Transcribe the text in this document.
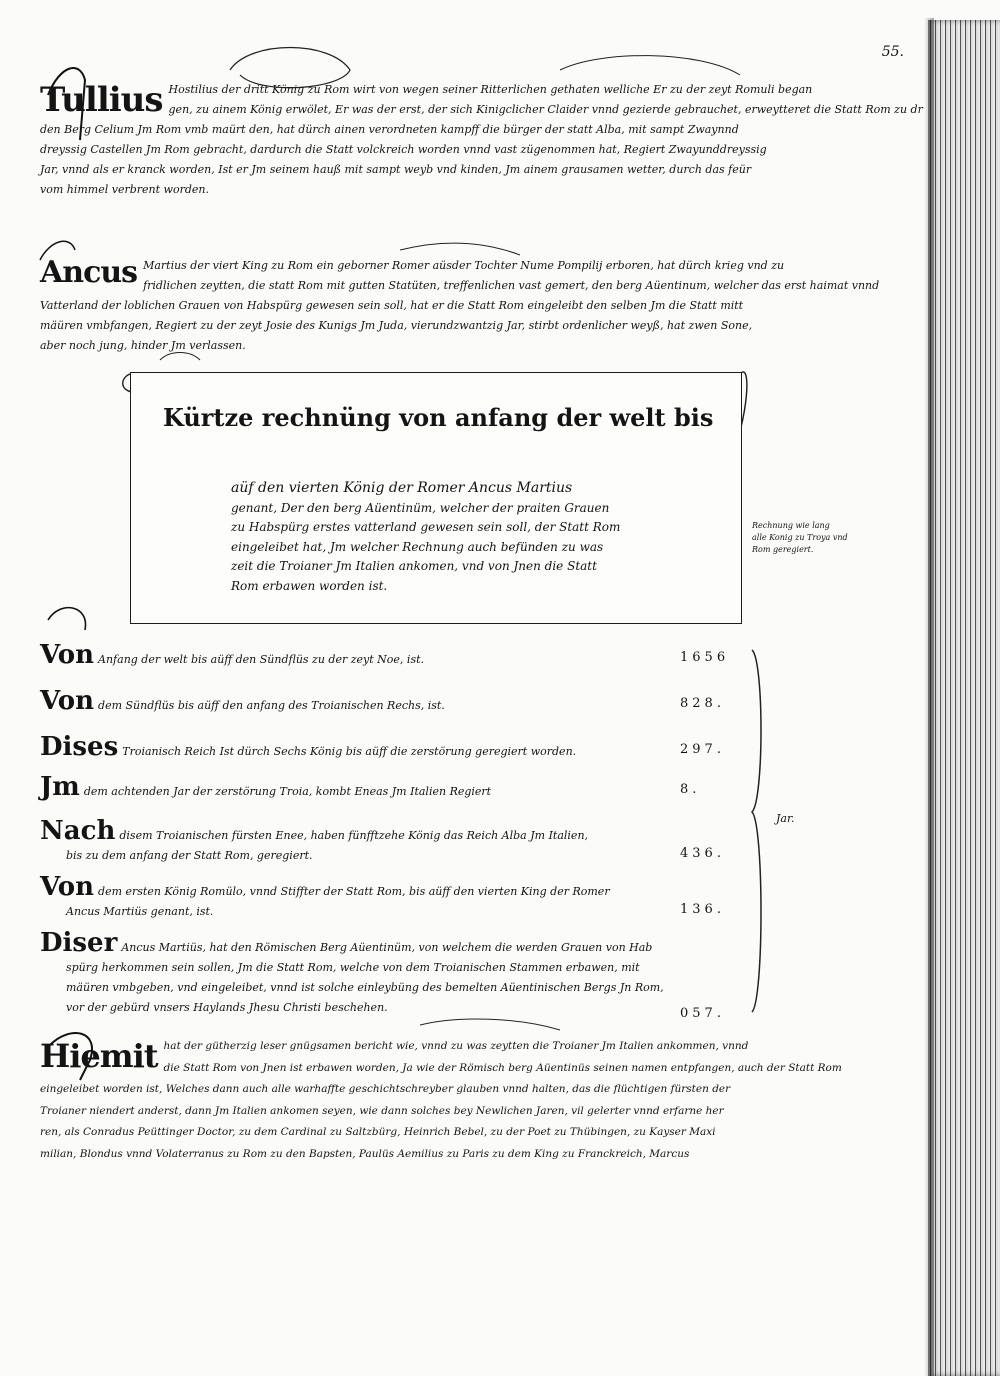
55.
Tullius Hostilius der dritt König zu Rom wirt von wegen seiner Ritterlichen gethaten welliche Er zu der zeyt Romuli began
gen, zu ainem König erwölet, Er was der erst, der sich Kinigclicher Claider vnnd gezierde gebrauchet, erweytteret die Statt Rom zu dr
den Berg Celium Jm Rom vmb maürt den, hat dürch ainen verordneten kampff die bürger der statt Alba, mit sampt Zwaynnd
dreyssig Castellen Jm Rom gebracht, dardurch die Statt volckreich worden vnnd vast zügenommen hat, Regiert Zwayunddreyssig
Jar, vnnd als er kranck worden, Ist er Jm seinem hauß mit sampt weyb vnd kinden, Jm ainem grausamen wetter, durch das feür
vom himmel verbrent worden.
Ancus Martius der viert King zu Rom ein geborner Romer aüsder Tochter Nume Pompilij erboren, hat dürch krieg vnd zu
fridlichen zeytten, die statt Rom mit gutten Statüten, treffenlichen vast gemert, den berg Aüentinum, welcher das erst haimat vnnd
Vatterland der loblichen Grauen von Habspürg gewesen sein soll, hat er die Statt Rom eingeleibt den selben Jm die Statt mitt
mäüren vmbfangen, Regiert zu der zeyt Josie des Kunigs Jm Juda, vierundzwantzig Jar, stirbt ordenlicher weyß, hat zwen Sone,
aber noch jung, hinder Jm verlassen.
Kürtze rechnüng von anfang der welt bis
aüf den vierten König der Romer Ancus Martius
genant, Der den berg Aüentinüm, welcher der praiten Grauen
zu Habspürg erstes vatterland gewesen sein soll, der Statt Rom
eingeleibet hat, Jm welcher Rechnung auch befünden zu was
zeit die Troianer Jm Italien ankomen, vnd von Jnen die Statt
Rom erbawen worden ist.
Rechnung wie lang
alle Konig zu Troya vnd
Rom geregiert.
Von Anfang der welt bis aüff den Sündflüs zu der zeyt Noe, ist.	1656
Von dem Sündflüs bis aüff den anfang des Troianischen Rechs, ist.	828.
Dises Troianisch Reich Ist dürch Sechs König bis aüff die zerstörung geregiert worden.	297.
Jm dem achtenden Jar der zerstörung Troia, kombt Eneas Jm Italien Regiert	8.
Nach disem Troianischen fürsten Enee, haben fünfftzehe König das Reich Alba Jm Italien,
bis zu dem anfang der Statt Rom, geregiert.	436.
Von dem ersten König Romülo, vnnd Stiffter der Statt Rom, bis aüff den vierten King der Romer
Ancus Martiüs genant, ist.	136.
Diser Ancus Martiüs, hat den Römischen Berg Aüentinüm, von welchem die werden Grauen von Hab
spürg herkommen sein sollen, Jm die Statt Rom, welche von dem Troianischen Stammen erbawen, mit
mäüren vmbgeben, vnd eingeleibet, vnnd ist solche einleybüng des bemelten Aüentinischen Bergs Jn Rom,
vor der gebürd vnsers Haylands Jhesu Christi beschehen.	057.
Jar.
Hiemit hat der gütherzig leser gnügsamen bericht wie, vnnd zu was zeytten die Troianer Jm Italien ankommen, vnnd
die Statt Rom von Jnen ist erbawen worden, Ja wie der Römisch berg Aüentinüs seinen namen entpfangen, auch der Statt Rom
eingeleibet worden ist, Welches dann auch alle warhaffte geschichtschreyber glauben vnnd halten, das die flüchtigen fürsten der
Troianer niendert anderst, dann Jm Italien ankomen seyen, wie dann solches bey Newlichen Jaren, vil gelerter vnnd erfarne her
ren, als Conradus Peüttinger Doctor, zu dem Cardinal zu Saltzbürg, Heinrich Bebel, zu der Poet zu Thübingen, zu Kayser Maxi
milian, Blondus vnnd Volaterranus zu Rom zu den Bapsten, Paulüs Aemilius zu Paris zu dem King zu Franckreich, Marcus
